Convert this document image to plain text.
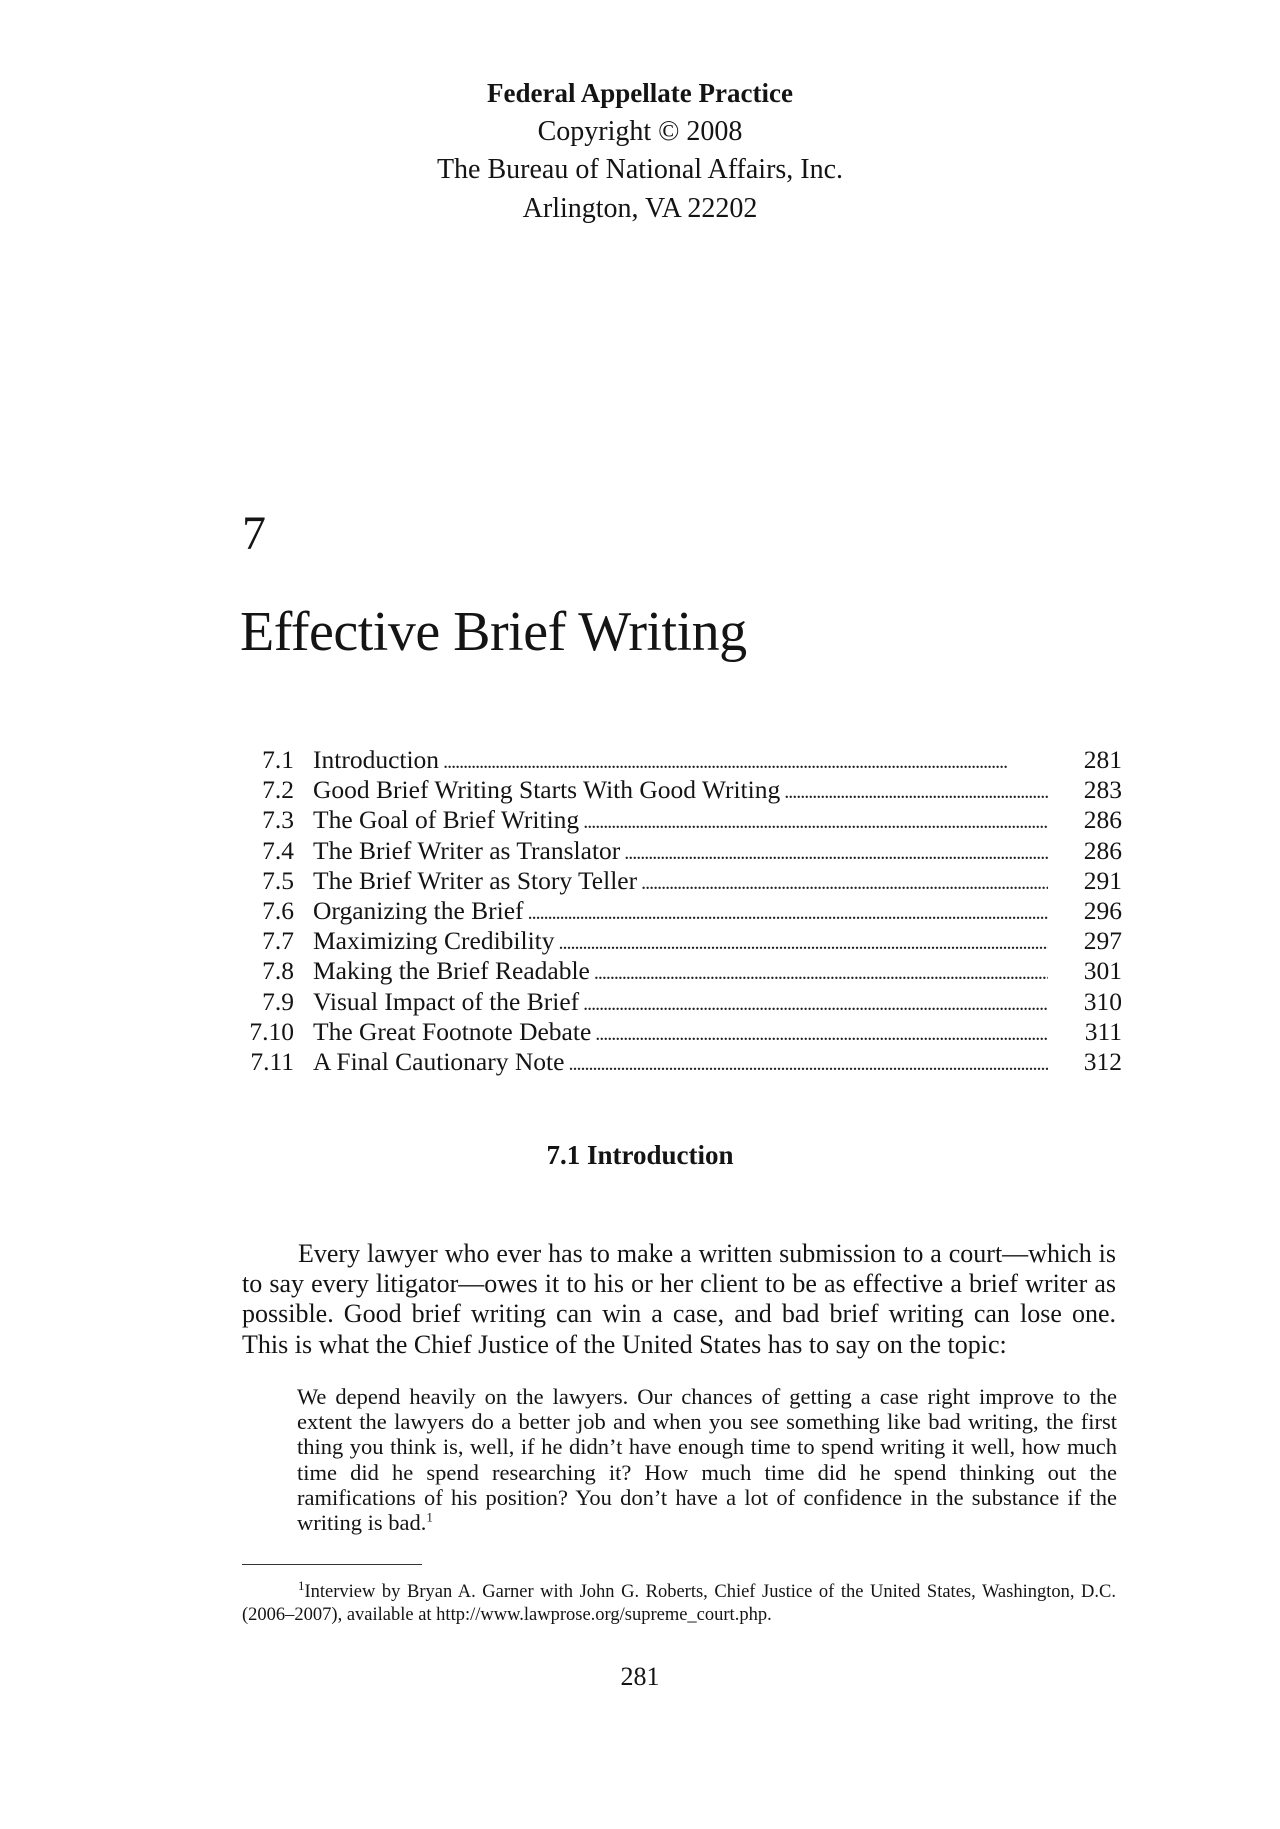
Federal Appellate Practice
Copyright © 2008
The Bureau of National Affairs, Inc.
Arlington, VA 22202
7
Effective Brief Writing
7.1 Introduction . . .	281
7.2 Good Brief Writing Starts With Good Writing . . .	283
7.3 The Goal of Brief Writing . . .	286
7.4 The Brief Writer as Translator . . .	286
7.5 The Brief Writer as Story Teller . . .	291
7.6 Organizing the Brief . . .	296
7.7 Maximizing Credibility . . .	297
7.8 Making the Brief Readable . . .	301
7.9 Visual Impact of the Brief . . .	310
7.10 The Great Footnote Debate . . .	311
7.11 A Final Cautionary Note . . .	312
7.1 Introduction

Every lawyer who ever has to make a written submission to a court—which is to say every litigator—owes it to his or her client to be as effective a brief writer as possible. Good brief writing can win a case, and bad brief writing can lose one. This is what the Chief Justice of the United States has to say on the topic:

We depend heavily on the lawyers. Our chances of getting a case right improve to the extent the lawyers do a better job and when you see something like bad writing, the first thing you think is, well, if he didn’t have enough time to spend writing it well, how much time did he spend researching it? How much time did he spend thinking out the ramifications of his position? You don’t have a lot of confidence in the substance if the writing is bad.$^1$
$^1$Interview by Bryan A. Garner with John G. Roberts, Chief Justice of the United States, Washington, D.C. (2006–2007), available at http://www.lawprose.org/supreme_court.php.
281
